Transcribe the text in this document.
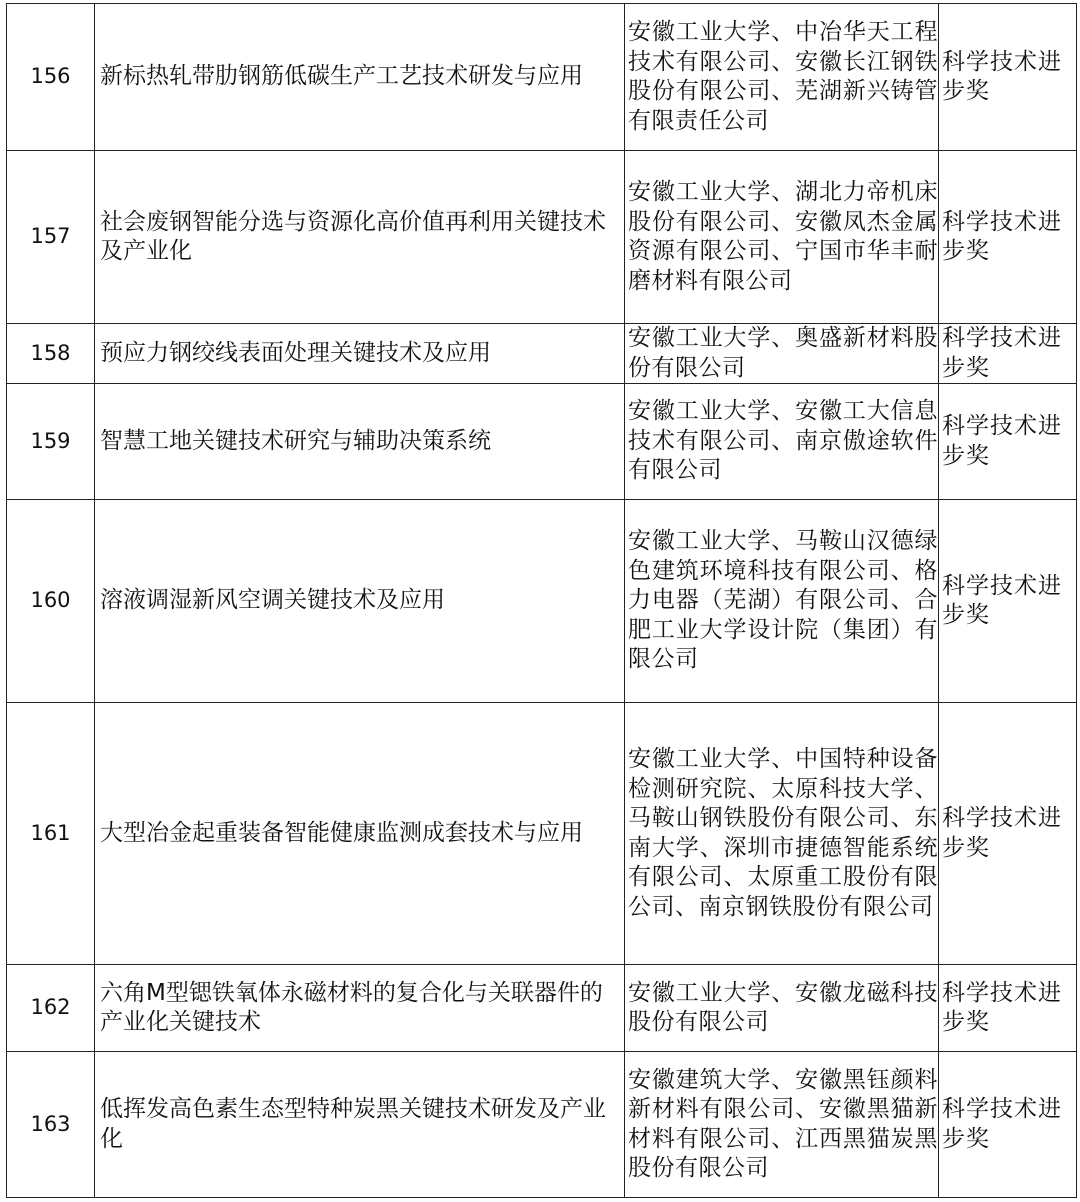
156	新标热轧带肋钢筋低碳生产工艺技术研发与应用	安徽工业大学、中冶华天工程技术有限公司、安徽长江钢铁股份有限公司、芜湖新兴铸管有限责任公司	科学技术进步奖
157	社会废钢智能分选与资源化高价值再利用关键技术及产业化	安徽工业大学、湖北力帝机床股份有限公司、安徽凤杰金属资源有限公司、宁国市华丰耐磨材料有限公司	科学技术进步奖
158	预应力钢绞线表面处理关键技术及应用	安徽工业大学、奥盛新材料股份有限公司	科学技术进步奖
159	智慧工地关键技术研究与辅助决策系统	安徽工业大学、安徽工大信息技术有限公司、南京傲途软件有限公司	科学技术进步奖
160	溶液调湿新风空调关键技术及应用	安徽工业大学、马鞍山汉德绿色建筑环境科技有限公司、格力电器（芜湖）有限公司、合肥工业大学设计院（集团）有限公司	科学技术进步奖
161	大型冶金起重装备智能健康监测成套技术与应用	安徽工业大学、中国特种设备检测研究院、太原科技大学、马鞍山钢铁股份有限公司、东南大学、深圳市捷德智能系统有限公司、太原重工股份有限公司、南京钢铁股份有限公司	科学技术进步奖
162	六角M型锶铁氧体永磁材料的复合化与关联器件的产业化关键技术	安徽工业大学、安徽龙磁科技股份有限公司	科学技术进步奖
163	低挥发高色素生态型特种炭黑关键技术研发及产业化	安徽建筑大学、安徽黑钰颜料新材料有限公司、安徽黑猫新材料有限公司、江西黑猫炭黑股份有限公司	科学技术进步奖
